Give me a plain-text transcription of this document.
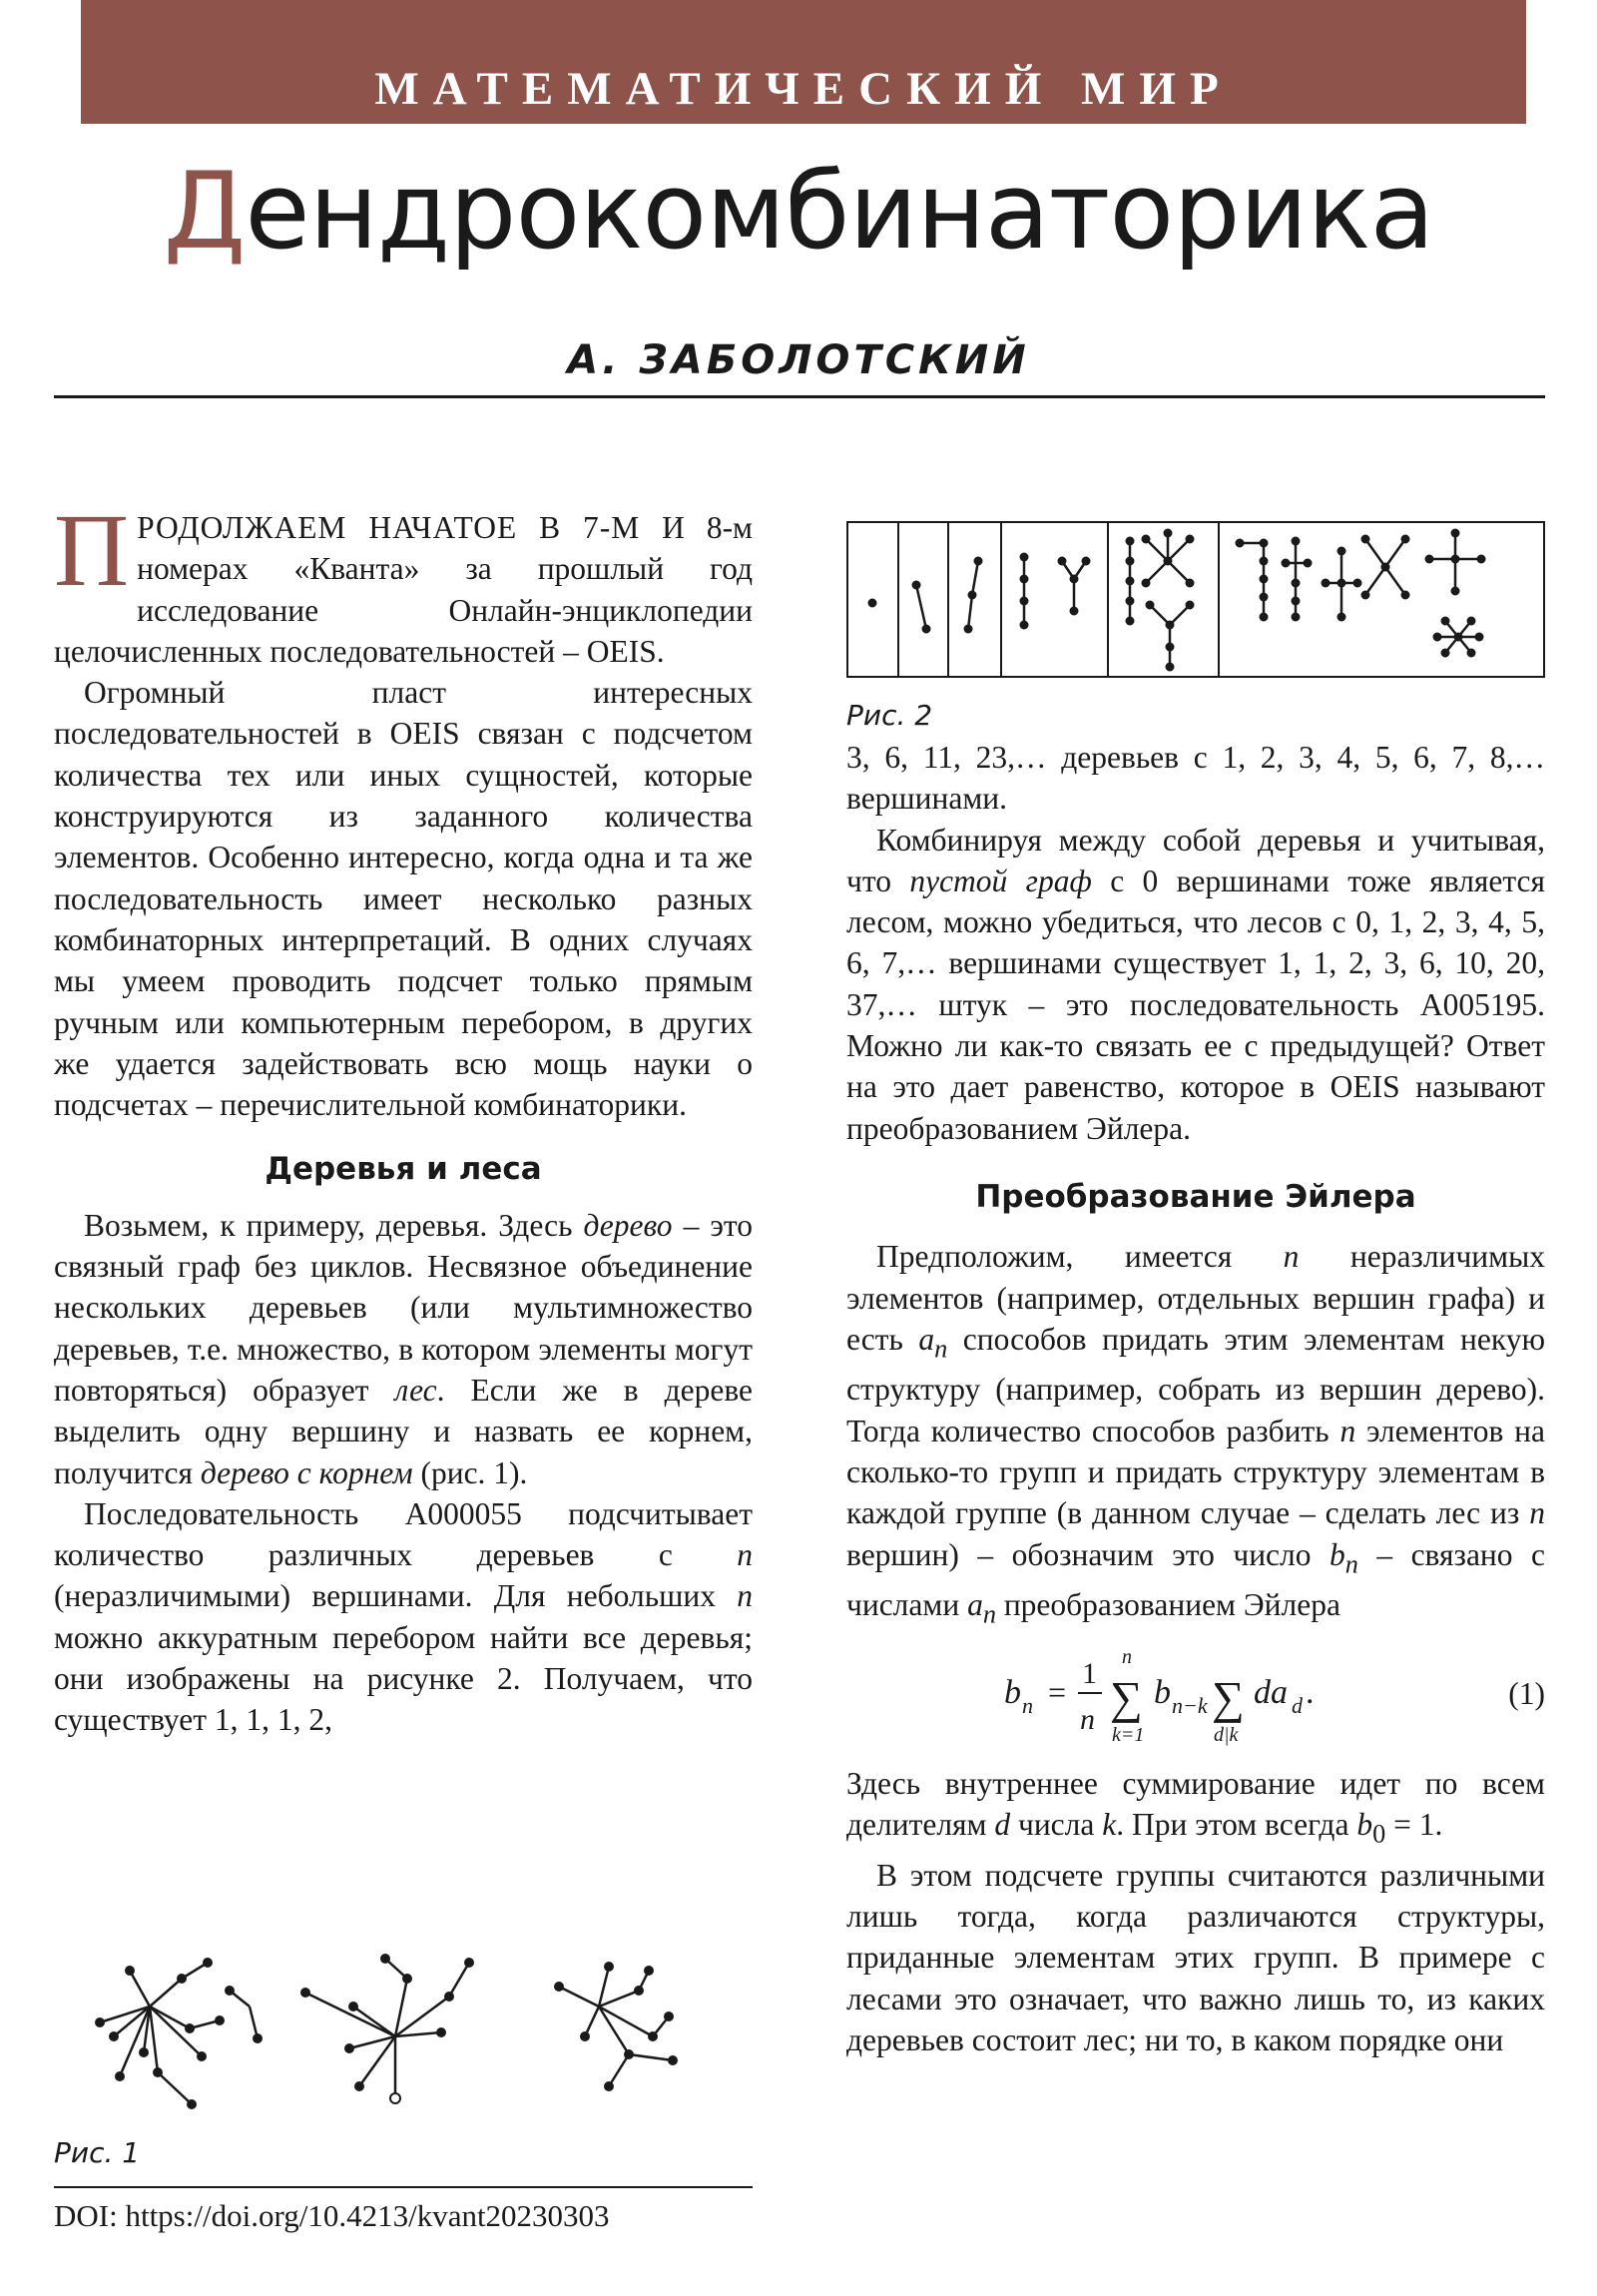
МАТЕМАТИЧЕСКИЙ МИР
Дендрокомбинаторика
А. ЗАБОЛОТСКИЙ

ПРОДОЛЖАЕМ НАЧАТОЕ В 7-М И 8-м номерах «Кванта» за прошлый год исследование Онлайн-энциклопедии целочисленных последовательностей – OEIS.

Огромный пласт интересных последовательностей в OEIS связан с подсчетом количества тех или иных сущностей, которые конструируются из заданного количества элементов. Особенно интересно, когда одна и та же последовательность имеет несколько разных комбинаторных интерпретаций. В одних случаях мы умеем проводить подсчет только прямым ручным или компьютерным перебором, в других же удается задействовать всю мощь науки о подсчетах – перечислительной комбинаторики.

Деревья и леса

Возьмем, к примеру, деревья. Здесь дерево – это связный граф без циклов. Несвязное объединение нескольких деревьев (или мультимножество деревьев, т.е. множество, в котором элементы могут повторяться) образует лес. Если же в дереве выделить одну вершину и назвать ее корнем, получится дерево с корнем (рис. 1).

Последовательность A000055 подсчитывает количество различных деревьев с n (неразличимыми) вершинами. Для небольших n можно аккуратным перебором найти все деревья; они изображены на рисунке 2. Получаем, что существует 1, 1, 1, 2,

Рис. 2

3, 6, 11, 23,… деревьев с 1, 2, 3, 4, 5, 6, 7, 8,… вершинами.

Комбинируя между собой деревья и учитывая, что пустой граф с 0 вершинами тоже является лесом, можно убедиться, что лесов с 0, 1, 2, 3, 4, 5, 6, 7,… вершинами существует 1, 1, 2, 3, 6, 10, 20, 37,… штук – это последовательность A005195. Можно ли как-то связать ее с предыдущей? Ответ на это дает равенство, которое в OEIS называют преобразованием Эйлера.

Преобразование Эйлера

Предположим, имеется n неразличимых элементов (например, отдельных вершин графа) и есть $a_n$ способов придать этим элементам некую структуру (например, собрать из вершин дерево). Тогда количество способов разбить n элементов на сколько-то групп и придать структуру элементам в каждой группе (в данном случае – сделать лес из n вершин) – обозначим это число $b_n$ – связано с числами $a_n$ преобразованием Эйлера

b n =
1
n ∑
n
k=1
b n−k ∑
d|k
da d .	(1)

Здесь внутреннее суммирование идет по всем делителям d числа k. При этом всегда $b_0 = 1$.

В этом подсчете группы считаются различными лишь тогда, когда различаются структуры, приданные элементам этих групп. В примере с лесами это означает, что важно лишь то, из каких деревьев состоит лес; ни то, в каком порядке они

Рис. 1
DOI: https://doi.org/10.4213/kvant20230303
